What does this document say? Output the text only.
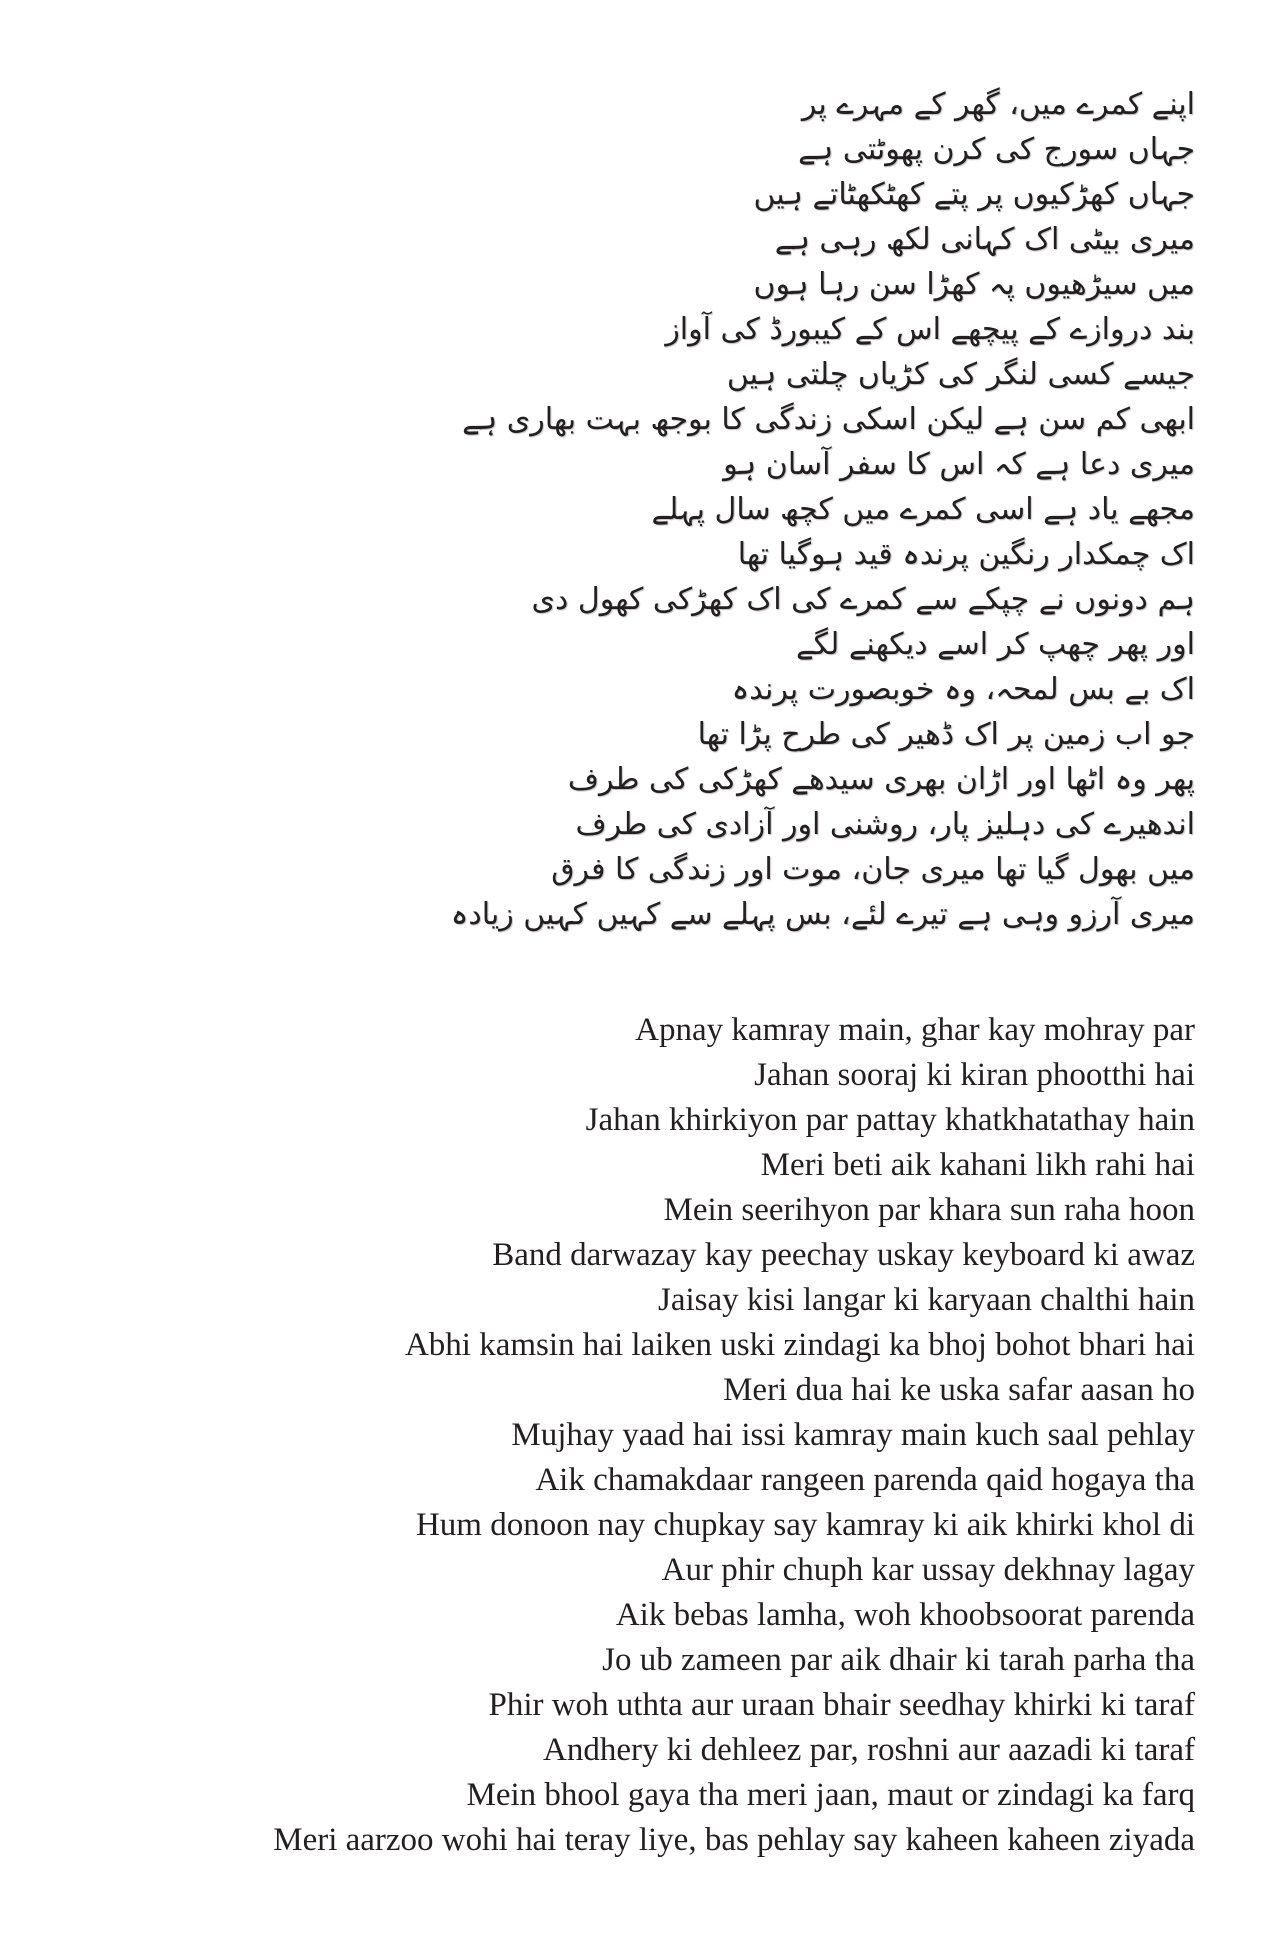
اپنے کمرے میں، گھر کے مہرے پر
جہاں سورج کی کرن پھوٹتی ہے
جہاں کھڑکیوں پر پتے کھٹکھٹاتے ہیں
میری بیٹی اک کہانی لکھ رہی ہے
میں سیڑھیوں پہ کھڑا سن رہا ہوں
بند دروازے کے پیچھے اس کے کیبورڈ کی آواز
جیسے کسی لنگر کی کڑیاں چلتی ہیں
ابھی کم سن ہے لیکن اسکی زندگی کا بوجھ بہت بھاری ہے
میری دعا ہے کہ اس کا سفر آسان ہو
مجھے یاد ہے اسی کمرے میں کچھ سال پہلے
اک چمکدار رنگین پرندہ قید ہوگیا تھا
ہم دونوں نے چپکے سے کمرے کی اک کھڑکی کھول دی
اور پھر چھپ کر اسے دیکھنے لگے
اک بے بس لمحہ، وہ خوبصورت پرندہ
جو اب زمین پر اک ڈھیر کی طرح پڑا تھا
پھر وہ اٹھا اور اڑان بھری سیدھے کھڑکی کی طرف
اندھیرے کی دہلیز پار، روشنی اور آزادی کی طرف
میں بھول گیا تھا میری جان، موت اور زندگی کا فرق
میری آرزو وہی ہے تیرے لئے، بس پہلے سے کہیں کہیں زیادہ
Apnay kamray main, ghar kay mohray par
Jahan sooraj ki kiran phootthi hai
Jahan khirkiyon par pattay khatkhatathay hain
Meri beti aik kahani likh rahi hai
Mein seerihyon par khara sun raha hoon
Band darwazay kay peechay uskay keyboard ki awaz
Jaisay kisi langar ki karyaan chalthi hain
Abhi kamsin hai laiken uski zindagi ka bhoj bohot bhari hai
Meri dua hai ke uska safar aasan ho
Mujhay yaad hai issi kamray main kuch saal pehlay
Aik chamakdaar rangeen parenda qaid hogaya tha
Hum donoon nay chupkay say kamray ki aik khirki khol di
Aur phir chuph kar ussay dekhnay lagay
Aik bebas lamha, woh khoobsoorat parenda
Jo ub zameen par aik dhair ki tarah parha tha
Phir woh uthta aur uraan bhair seedhay khirki ki taraf
Andhery ki dehleez par, roshni aur aazadi ki taraf
Mein bhool gaya tha meri jaan, maut or zindagi ka farq
Meri aarzoo wohi hai teray liye, bas pehlay say kaheen kaheen ziyada
